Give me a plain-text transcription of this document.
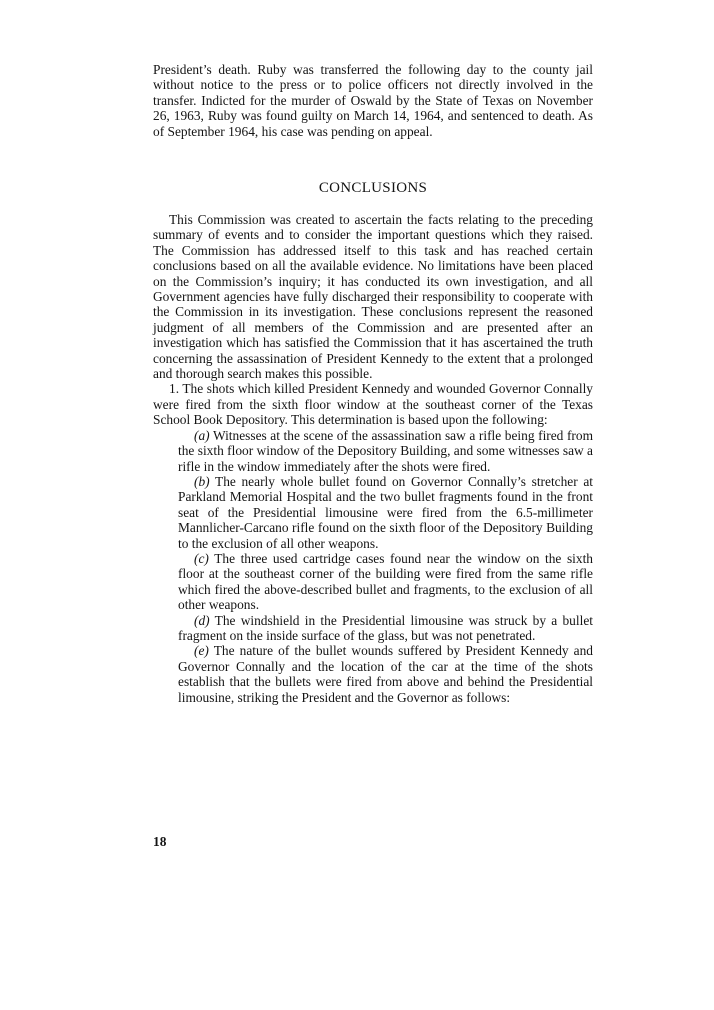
President’s death. Ruby was transferred the following day to the county jail without notice to the press or to police officers not directly involved in the transfer. Indicted for the murder of Oswald by the State of Texas on November 26, 1963, Ruby was found guilty on March 14, 1964, and sentenced to death. As of September 1964, his case was pending on appeal.

CONCLUSIONS

This Commission was created to ascertain the facts relating to the preceding summary of events and to consider the important questions which they raised. The Commission has addressed itself to this task and has reached certain conclusions based on all the available evidence. No limitations have been placed on the Commission’s inquiry; it has conducted its own investigation, and all Government agencies have fully discharged their responsibility to cooperate with the Commission in its investigation. These conclusions represent the reasoned judgment of all members of the Commission and are presented after an investigation which has satisfied the Commission that it has ascertained the truth concerning the assassination of President Kennedy to the extent that a prolonged and thorough search makes this possible.

1. The shots which killed President Kennedy and wounded Governor Connally were fired from the sixth floor window at the southeast corner of the Texas School Book Depository. This determination is based upon the following:

(a) Witnesses at the scene of the assassination saw a rifle being fired from the sixth floor window of the Depository Building, and some witnesses saw a rifle in the window immediately after the shots were fired.

(b) The nearly whole bullet found on Governor Connally’s stretcher at Parkland Memorial Hospital and the two bullet fragments found in the front seat of the Presidential limousine were fired from the 6.5-millimeter Mannlicher-Carcano rifle found on the sixth floor of the Depository Building to the exclusion of all other weapons.

(c) The three used cartridge cases found near the window on the sixth floor at the southeast corner of the building were fired from the same rifle which fired the above-described bullet and fragments, to the exclusion of all other weapons.

(d) The windshield in the Presidential limousine was struck by a bullet fragment on the inside surface of the glass, but was not penetrated.

(e) The nature of the bullet wounds suffered by President Kennedy and Governor Connally and the location of the car at the time of the shots establish that the bullets were fired from above and behind the Presidential limousine, striking the President and the Governor as follows:

18
